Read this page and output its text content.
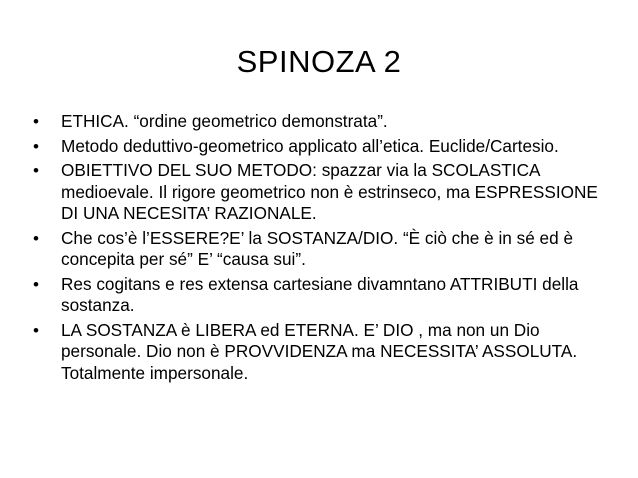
SPINOZA 2
•	ETHICA. “ordine geometrico demonstrata”.
•	Metodo deduttivo-geometrico applicato all’etica. Euclide/Cartesio.
•	OBIETTIVO DEL SUO METODO: spazzar via la SCOLASTICA medioevale. Il rigore geometrico non è estrinseco, ma ESPRESSIONE DI UNA NECESITA’ RAZIONALE.
•	Che cos’è l’ESSERE?E’ la SOSTANZA/DIO. “È ciò che è in sé ed è concepita per sé” E’ “causa sui”.
•	Res cogitans e res extensa cartesiane divamntano ATTRIBUTI della sostanza.
•	LA SOSTANZA è LIBERA ed ETERNA. E’ DIO , ma non un Dio personale. Dio non è PROVVIDENZA ma NECESSITA’ ASSOLUTA. Totalmente impersonale.
